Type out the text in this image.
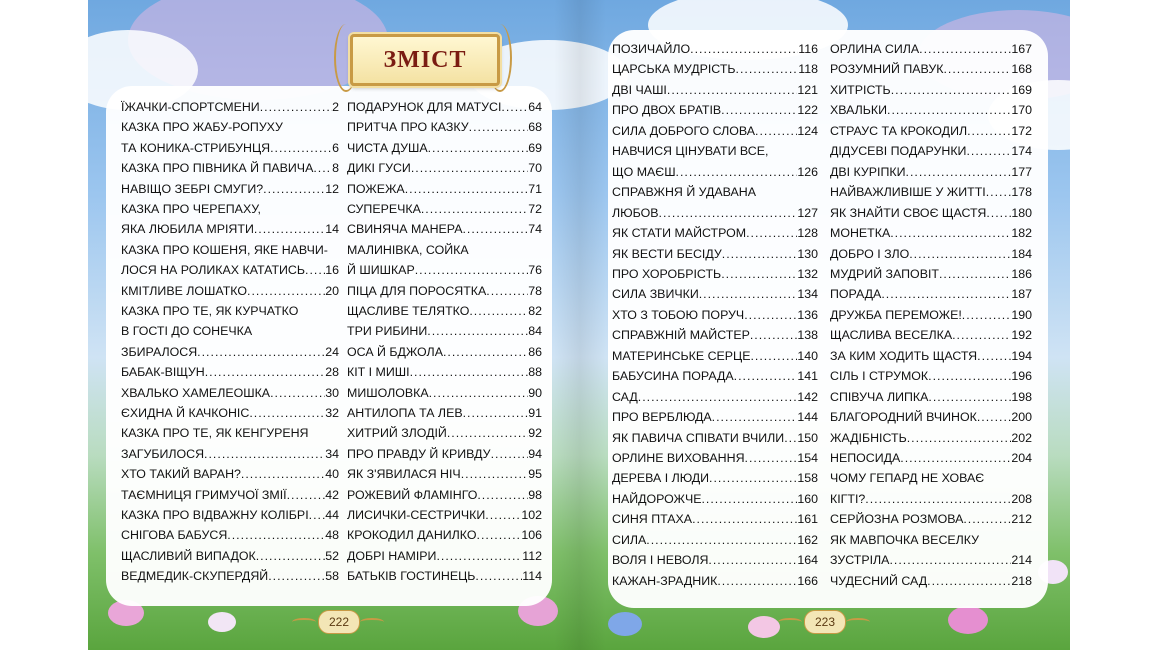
ЗМІСТ
222	223
ЇЖАЧКИ-СПОРТСМЕНИ .....	2
КАЗКА ПРО ЖАБУ-РОПУХУ
ТА КОНИКА-СТРИБУНЦЯ .....	6
КАЗКА ПРО ПІВНИКА Й ПАВИЧА ..... 8
НАВІЩО ЗЕБРІ СМУГИ? .....	12
КАЗКА ПРО ЧЕРЕПАХУ,
ЯКА ЛЮБИЛА МРІЯТИ .....	14
КАЗКА ПРО КОШЕНЯ, ЯКЕ НАВЧИ-
ЛОСЯ НА РОЛИКАХ КАТАТИСЬ ..... 16
КМІТЛИВЕ ЛОШАТКО .....	20
КАЗКА ПРО ТЕ, ЯК КУРЧАТКО
В ГОСТІ ДО СОНЕЧКА
ЗБИРАЛОСЯ .....	24
БАБАК-ВІЩУН .....	28
ХВАЛЬКО ХАМЕЛЕОШКА .....	30
ЄХИДНА Й КАЧКОНІС .....	32
КАЗКА ПРО ТЕ, ЯК КЕНГУРЕНЯ
ЗАГУБИЛОСЯ .....	34
ХТО ТАКИЙ ВАРАН? .....	40
ТАЄМНИЦЯ ГРИМУЧОЇ ЗМІЇ .....	42
КАЗКА ПРО ВІДВАЖНУ КОЛІБРІ ..... 44
СНІГОВА БАБУСЯ .....	48
ЩАСЛИВИЙ ВИПАДОК .....	52
ВЕДМЕДИК-СКУПЕРДЯЙ .....	58
ПОДАРУНОК ДЛЯ МАТУСІ ..... 64
ПРИТЧА ПРО КАЗКУ .....	68
ЧИСТА ДУША .....	69
ДИКІ ГУСИ .....	70
ПОЖЕЖА .....	71
СУПЕРЕЧКА .....	72
СВИНЯЧА МАНЕРА .....	74
МАЛИНІВКА, СОЙКА
Й ШИШКАР .....	76
ПІЦА ДЛЯ ПОРОСЯТКА .....	78
ЩАСЛИВЕ ТЕЛЯТКО .....	82
ТРИ РИБИНИ .....	84
ОСА Й БДЖОЛА .....	86
КІТ І МИШІ .....	88
МИШОЛОВКА .....	90
АНТИЛОПА ТА ЛЕВ .....	91
ХИТРИЙ ЗЛОДІЙ .....	92
ПРО ПРАВДУ Й КРИВДУ .....	94
ЯК З'ЯВИЛАСЯ НІЧ .....	95
РОЖЕВИЙ ФЛАМІНГО .....	98
ЛИСИЧКИ-СЕСТРИЧКИ .....	102
КРОКОДИЛ ДАНИЛКО .....	106
ДОБРІ НАМІРИ .....	112
БАТЬКІВ ГОСТИНЕЦЬ .....	114
ПОЗИЧАЙЛО .....	116
ЦАРСЬКА МУДРІСТЬ .....	118
ДВІ ЧАШІ .....	121
ПРО ДВОХ БРАТІВ .....	122
СИЛА ДОБРОГО СЛОВА .....	124
НАВЧИСЯ ЦІНУВАТИ ВСЕ,
ЩО МАЄШ .....	126
СПРАВЖНЯ Й УДАВАНА
ЛЮБОВ .....	127
ЯК СТАТИ МАЙСТРОМ .....	128
ЯК ВЕСТИ БЕСІДУ .....	130
ПРО ХОРОБРІСТЬ .....	132
СИЛА ЗВИЧКИ .....	134
ХТО З ТОБОЮ ПОРУЧ .....	136
СПРАВЖНІЙ МАЙСТЕР .....	138
МАТЕРИНСЬКЕ СЕРЦЕ .....	140
БАБУСИНА ПОРАДА .....	141
САД .....	142
ПРО ВЕРБЛЮДА .....	144
ЯК ПАВИЧА СПІВАТИ ВЧИЛИ ..... 150
ОРЛИНЕ ВИХОВАННЯ .....	154
ДЕРЕВА І ЛЮДИ .....	158
НАЙДОРОЖЧЕ .....	160
СИНЯ ПТАХА .....	161
СИЛА .....	162
ВОЛЯ І НЕВОЛЯ .....	164
КАЖАН-ЗРАДНИК .....	166
ОРЛИНА СИЛА .....	167
РОЗУМНИЙ ПАВУК .....	168
ХИТРІСТЬ .....	169
ХВАЛЬКИ .....	170
СТРАУС ТА КРОКОДИЛ .....	172
ДІДУСЕВІ ПОДАРУНКИ .....	174
ДВІ КУРІПКИ .....	177
НАЙВАЖЛИВІШЕ У ЖИТТІ ..... 178
ЯК ЗНАЙТИ СВОЄ ЩАСТЯ ..... 180
МОНЕТКА .....	182
ДОБРО І ЗЛО .....	184
МУДРИЙ ЗАПОВІТ .....	186
ПОРАДА .....	187
ДРУЖБА ПЕРЕМОЖЕ! .....	190
ЩАСЛИВА ВЕСЕЛКА .....	192
ЗА КИМ ХОДИТЬ ЩАСТЯ .....	194
СІЛЬ І СТРУМОК .....	196
СПІВУЧА ЛИПКА .....	198
БЛАГОРОДНИЙ ВЧИНОК .....	200
ЖАДІБНІСТЬ .....	202
НЕПОСИДА .....	204
ЧОМУ ГЕПАРД НЕ ХОВАЄ
КІГТІ? .....	208
СЕРЙОЗНА РОЗМОВА .....	212
ЯК МАВПОЧКА ВЕСЕЛКУ
ЗУСТРІЛА .....	214
ЧУДЕСНИЙ САД .....	218
